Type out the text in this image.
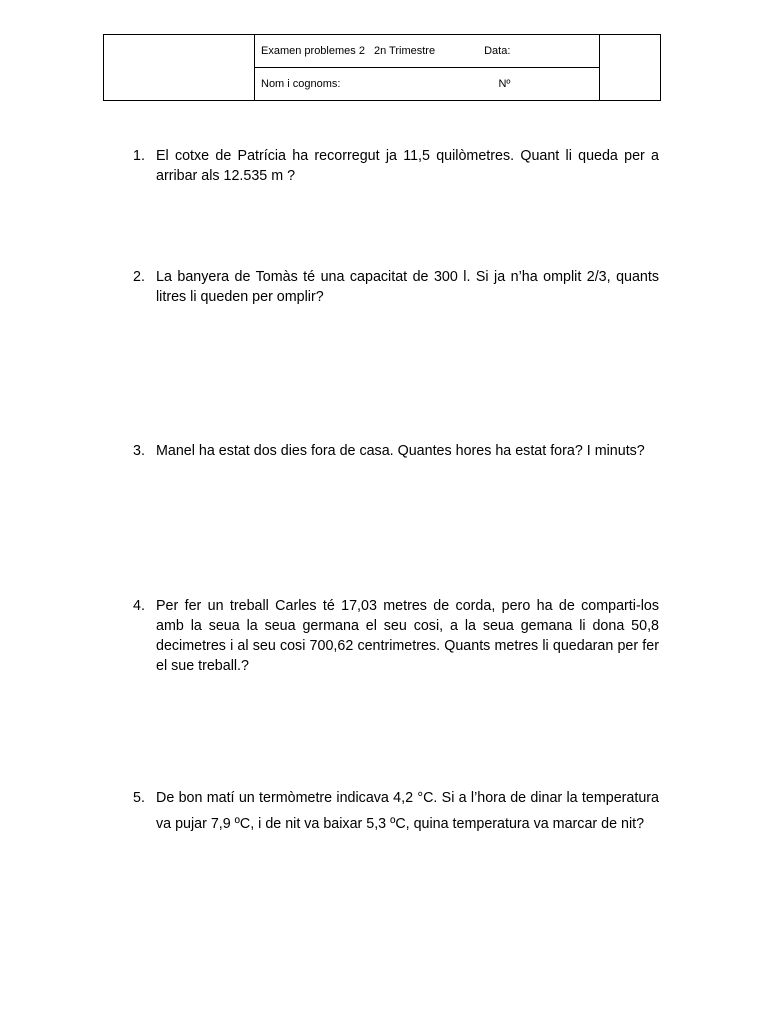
Examen problemes 2 2n Trimestre	Data:

Nom i cognoms:	Nº
1. El cotxe de Patrícia ha recorregut ja 11,5 quilòmetres. Quant li queda per a arribar als 12.535 m ?
2. La banyera de Tomàs té una capacitat de 300 l. Si ja n’ha omplit 2/3, quants litres li queden per omplir?
3. Manel ha estat dos dies fora de casa. Quantes hores ha estat fora? I minuts?
4. Per fer un treball Carles té 17,03 metres de corda, pero ha de comparti-los amb la seua la seua germana el seu cosi, a la seua gemana li dona 50,8 decimetres i al seu cosi 700,62 centrimetres. Quants metres li quedaran per fer el sue treball.?
5. De bon matí un termòmetre indicava 4,2 °C. Si a l’hora de dinar la temperatura va pujar 7,9 ºC, i de nit va baixar 5,3 ºC, quina temperatura va marcar de nit?
